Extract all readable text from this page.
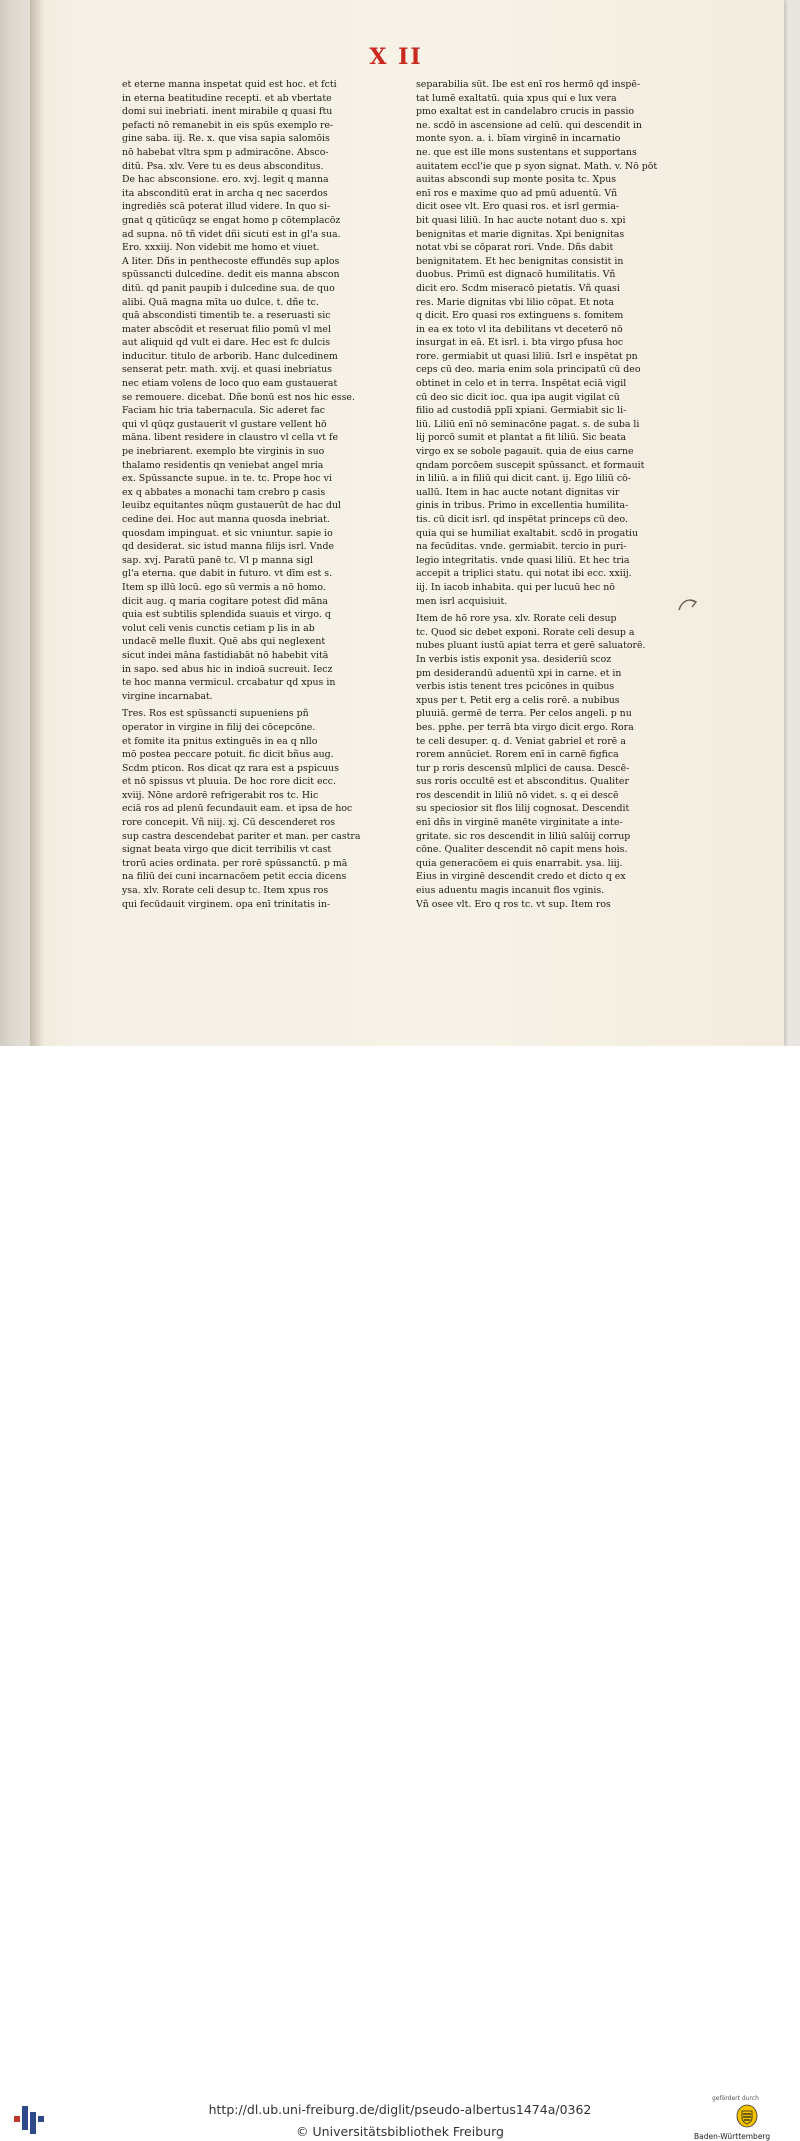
X II
et eterne manna inspetat quid est hoc. et fcti
in eterna beatitudine recepti. et ab vbertate
domi sui inebriati. inent mirabile q quasi ftu
pefacti nō remanebit in eis spūs exemplo re-
gine saba. iij. Re. x. que visa sapia salomōis
nō habebat vltra spm p admiracōne. Absco-
ditū. Psa. xlv. Vere tu es deus absconditus.
De hac absconsione. ero. xvj. legit q manna
ita absconditū erat in archa q nec sacerdos
ingrediēs scā poterat illud videre. In quo si-
gnat q qūticūqz se engat homo p cōtemplacōz
ad supna. nō tñ videt dñi sicuti est in gl'a sua.
Ero. xxxiij. Non videbit me homo et viuet.
A liter. Dñs in penthecoste effundēs sup aplos
spūssancti dulcedine. dedit eis manna abscon
ditū. qd panit paupib i dulcedine sua. de quo
alibi. Quā magna mīta uo dulce. t. dñe tc.
quā abscondisti timentib te. a reseruasti sic
mater abscōdit et reseruat filio pomū vl mel
aut aliquid qd vult ei dare. Hec est fc dulcis
inducitur. titulo de arborib. Hanc dulcedinem
senserat petr. math. xvij. et quasi inebriatus
nec etiam volens de loco quo eam gustauerat
se remouere. dicebat. Dñe bonū est nos hic esse.
Faciam hic tria tabernacula. Sic aderet fac
qui vl qūqz gustauerit vl gustare vellent hō
māna. libent residere in claustro vl cella vt fe
pe inebriarent. exemplo bte virginis in suo
thalamo residentis qn veniebat angel mria
ex. Spūssancte supue. in te. tc. Prope hoc vi
ex q abbates a monachi tam crebro p casis
leuibz equitantes nūqm gustauerūt de hac dul
cedine dei. Hoc aut manna quosda inebriat.
quosdam impinguat. et sic vniuntur. sapie io
qd desiderat. sic istud manna filijs isrl. Vnde
sap. xvj. Paratū panē tc. Vl p manna sigl
gl'a eterna. que dabit in futuro. vt dīm est s.
Item sp illū locū. ego sū vermis a nō homo.
dicit aug. q maria cogitare potest dīd māna
quia est subtilis splendida suauis et virgo. q
volut celi venis cunctis cetiam p lis in ab
undacē melle fluxit. Quē abs qui neglexent
sicut indei māna fastidiabāt nō habebit vitā
in sapo. sed abus hic in indioā sucreuit. Iecz
te hoc manna vermicul. crcabatur qd xpus in
virgine incarnabat.
Tres. Ros est spūssancti supueniens pñ
operator in virgine in filij dei cōcepcōne.
et fomite ita pnitus extinguēs in ea q nllo
mō postea peccare potuit. fic dicit bñus aug.
Scdm pticon. Ros dicat qz rara est a pspicuus
et nō spissus vt pluuia. De hoc rore dicit ecc.
xviij. Nōne ardorē refrigerabit ros tc. Hic
eciā ros ad plenū fecundauit eam. et ipsa de hoc
rore concepit. Vñ niij. xj. Cū descenderet ros
sup castra descendebat pariter et man. per castra
signat beata virgo que dicit terribilis vt cast
trorū acies ordinata. per rorē spūssanctū. p mā
na filiū dei cuni incarnacōem petit eccia dicens
ysa. xlv. Rorate celi desup tc. Item xpus ros
qui fecūdauit virginem. opa enī trinitatis in-
separabilia sūt. Ibe est enī ros hermō qd inspē-
tat lumē exaltatū. quia xpus qui e lux vera
pmo exaltat est in candelabro crucis in passio
ne. scdō in ascensione ad celū. qui descendit in
monte syon. a. i. bīam virginē in incarnatio
ne. que est ille mons sustentans et supportans
auitatem eccl'ie que p syon signat. Math. v. Nō pōt
auitas abscondi sup monte posita tc. Xpus
enī ros e maxime quo ad pmū aduentū. Vñ
dicit osee vlt. Ero quasi ros. et isrl germia-
bit quasi liliū. In hac aucte notant duo s. xpi
benignitas et marie dignitas. Xpi benignitas
notat vbi se cōparat rori. Vnde. Dñs dabit
benignitatem. Et hec benignitas consistit in
duobus. Primū est dignacō humilitatis. Vñ
dicit ero. Scdm miseracō pietatis. Vñ quasi
res. Marie dignitas vbi lilio cōpat. Et nota
q dicit. Ero quasi ros extinguens s. fomitem
in ea ex toto vl ita debilitans vt deceterō nō
insurgat in eā. Et isrl. i. bta virgo pfusa hoc
rore. germiabit ut quasi liliū. Isrl e inspētat pn
ceps cū deo. maria enim sola principatū cū deo
obtinet in celo et in terra. Inspētat eciā vigil
cū deo sic dicit ioc. qua ipa augit vigilat cū
filio ad custodiā pplī xpiani. Germiabit sic li-
liū. Liliū enī nō seminacōne pagat. s. de suba li
lij porcō sumit et plantat a fit liliū. Sic beata
virgo ex se sobole pagauit. quia de eius carne
qndam porcōem suscepit spūssanct. et formauit
in liliū. a in filiū qui dicit cant. ij. Ego liliū cō-
uallū. Item in hac aucte notant dignitas vir
ginis in tribus. Primo in excellentia humilita-
tis. cū dicit isrl. qd inspētat princeps cū deo.
quia qui se humiliat exaltabit. scdō in progatiu
na fecūditas. vnde. germiabit. tercio in puri-
legio integritatis. vnde quasi liliū. Et hec tria
accepit a triplici statu. qui notat ibi ecc. xxiij.
iij. In iacob inhabita. qui per lucuū hec nō
men isrl acquisiuit.
Item de hō rore ysa. xlv. Rorate celi desup
tc. Quod sic debet exponi. Rorate celi desup a
nubes pluant iustū apiat terra et gerē saluatorē.
In verbis istis exponit ysa. desideriū scoz
pm desiderandū aduentū xpi in carne. et in
verbis istis tenent tres pcicōnes in quibus
xpus per t. Petit erg a celis rorē. a nubibus
pluuiā. germē de terra. Per celos angeli. p nu
bes. pphe. per terrā bta virgo dicit ergo. Rora
te celi desuper. q. d. Veniat gabriel et rorē a
rorem annūciet. Rorem enī in carnē figfica
tur p roris descensū mlplici de causa. Descē-
sus roris occultē est et absconditus. Qualiter
ros descendit in liliū nō videt. s. q ei descē
su speciosior sit flos lilij cognosat. Descendit
enī dñs in virginē manēte virginitate a inte-
gritate. sic ros descendit in liliū salūij corrup
cōne. Qualiter descendit nō capit mens hois.
quia generacōem ei quis enarrabit. ysa. liij.
Eius in virginē descendit credo et dicto q ex
eius aduentu magis incanuit flos vginis.
Vñ osee vlt. Ero q ros tc. vt sup. Item ros
http://dl.ub.uni-freiburg.de/diglit/pseudo-albertus1474a/0362
© Universitätsbibliothek Freiburg
gefördert durch
Baden-Württemberg
